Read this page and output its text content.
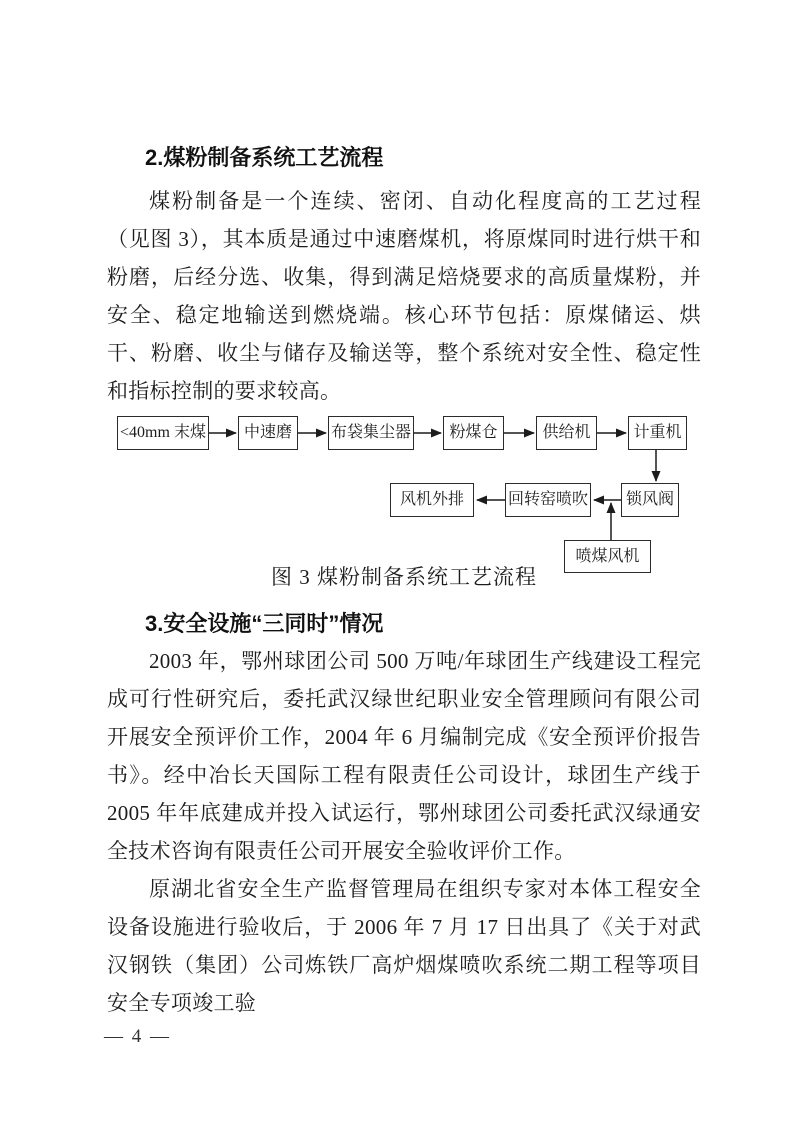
2.煤粉制备系统工艺流程

煤粉制备是一个连续、密闭、自动化程度高的工艺过程（见图 3），其本质是通过中速磨煤机，将原煤同时进行烘干和粉磨，后经分选、收集，得到满足焙烧要求的高质量煤粉，并安全、稳定地输送到燃烧端。核心环节包括：原煤储运、烘干、粉磨、收尘与储存及输送等，整个系统对安全性、稳定性和指标控制的要求较高。

<40mm 末煤	中速磨	布袋集尘器	粉煤仓	供给机	计重机
风机外排	回转窑喷吹	锁风阀
喷煤风机
图 3 煤粉制备系统工艺流程
3.安全设施“三同时”情况

2003 年，鄂州球团公司 500 万吨/年球团生产线建设工程完成可行性研究后，委托武汉绿世纪职业安全管理顾问有限公司开展安全预评价工作，2004 年 6 月编制完成《安全预评价报告书》。经中冶长天国际工程有限责任公司设计，球团生产线于 2005 年年底建成并投入试运行，鄂州球团公司委托武汉绿通安全技术咨询有限责任公司开展安全验收评价工作。

原湖北省安全生产监督管理局在组织专家对本体工程安全设备设施进行验收后，于 2006 年 7 月 17 日出具了《关于对武汉钢铁（集团）公司炼铁厂高炉烟煤喷吹系统二期工程等项目安全专项竣工验

— 4 —
